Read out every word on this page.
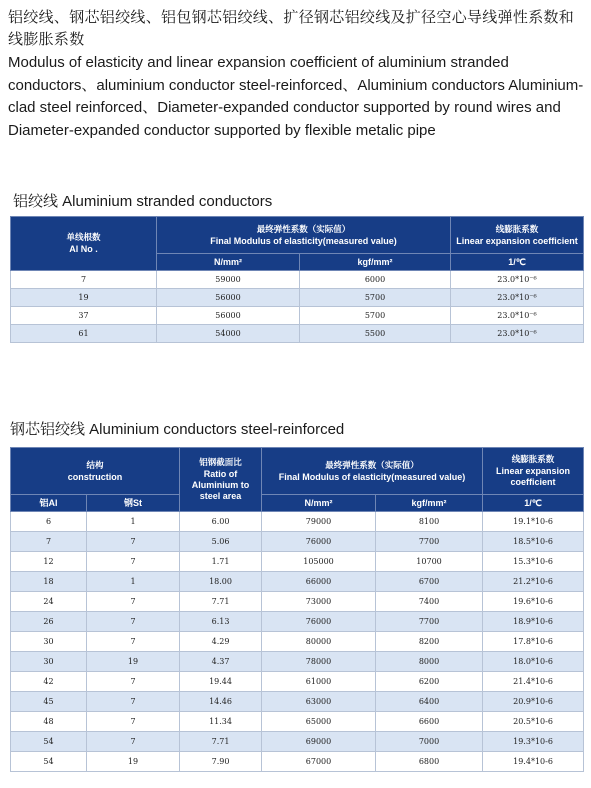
铝绞线、钢芯铝绞线、铝包钢芯铝绞线、扩径钢芯铝绞线及扩径空心导线弹性系数和线膨胀系数
Modulus of elasticity and linear expansion coefficient of aluminium stranded conductors、aluminium conductor steel-reinforced、Aluminium conductors Aluminium-clad steel reinforced、Diameter-expanded conductor supported by round wires and Diameter-expanded conductor supported by flexible metalic pipe
铝绞线 Aluminium stranded conductors
单线根数
Al No .	最终弹性系数（实际值）
Final Modulus of elasticity(measured value)		线膨胀系数
Linear expansion coefficient
	N/mm²	kgf/mm²	1/℃
7	59000	6000	23.0*10⁻⁶
19	56000	5700	23.0*10⁻⁶
37	56000	5700	23.0*10⁻⁶
61	54000	5500	23.0*10⁻⁶
钢芯铝绞线 Aluminium conductors steel-reinforced
结构
construction		铝钢截面比
Ratio of
Aluminium to
steel area	最终弹性系数（实际值）
Final Modulus of elasticity(measured value)		线膨胀系数
Linear expansion
coefficient
铝Al	钢St		N/mm²	kgf/mm²	1/℃
6	1	6.00	79000	8100	19.1*10-6
7	7	5.06	76000	7700	18.5*10-6
12	7	1.71	105000	10700	15.3*10-6
18	1	18.00	66000	6700	21.2*10-6
24	7	7.71	73000	7400	19.6*10-6
26	7	6.13	76000	7700	18.9*10-6
30	7	4.29	80000	8200	17.8*10-6
30	19	4.37	78000	8000	18.0*10-6
42	7	19.44	61000	6200	21.4*10-6
45	7	14.46	63000	6400	20.9*10-6
48	7	11.34	65000	6600	20.5*10-6
54	7	7.71	69000	7000	19.3*10-6
54	19	7.90	67000	6800	19.4*10-6
